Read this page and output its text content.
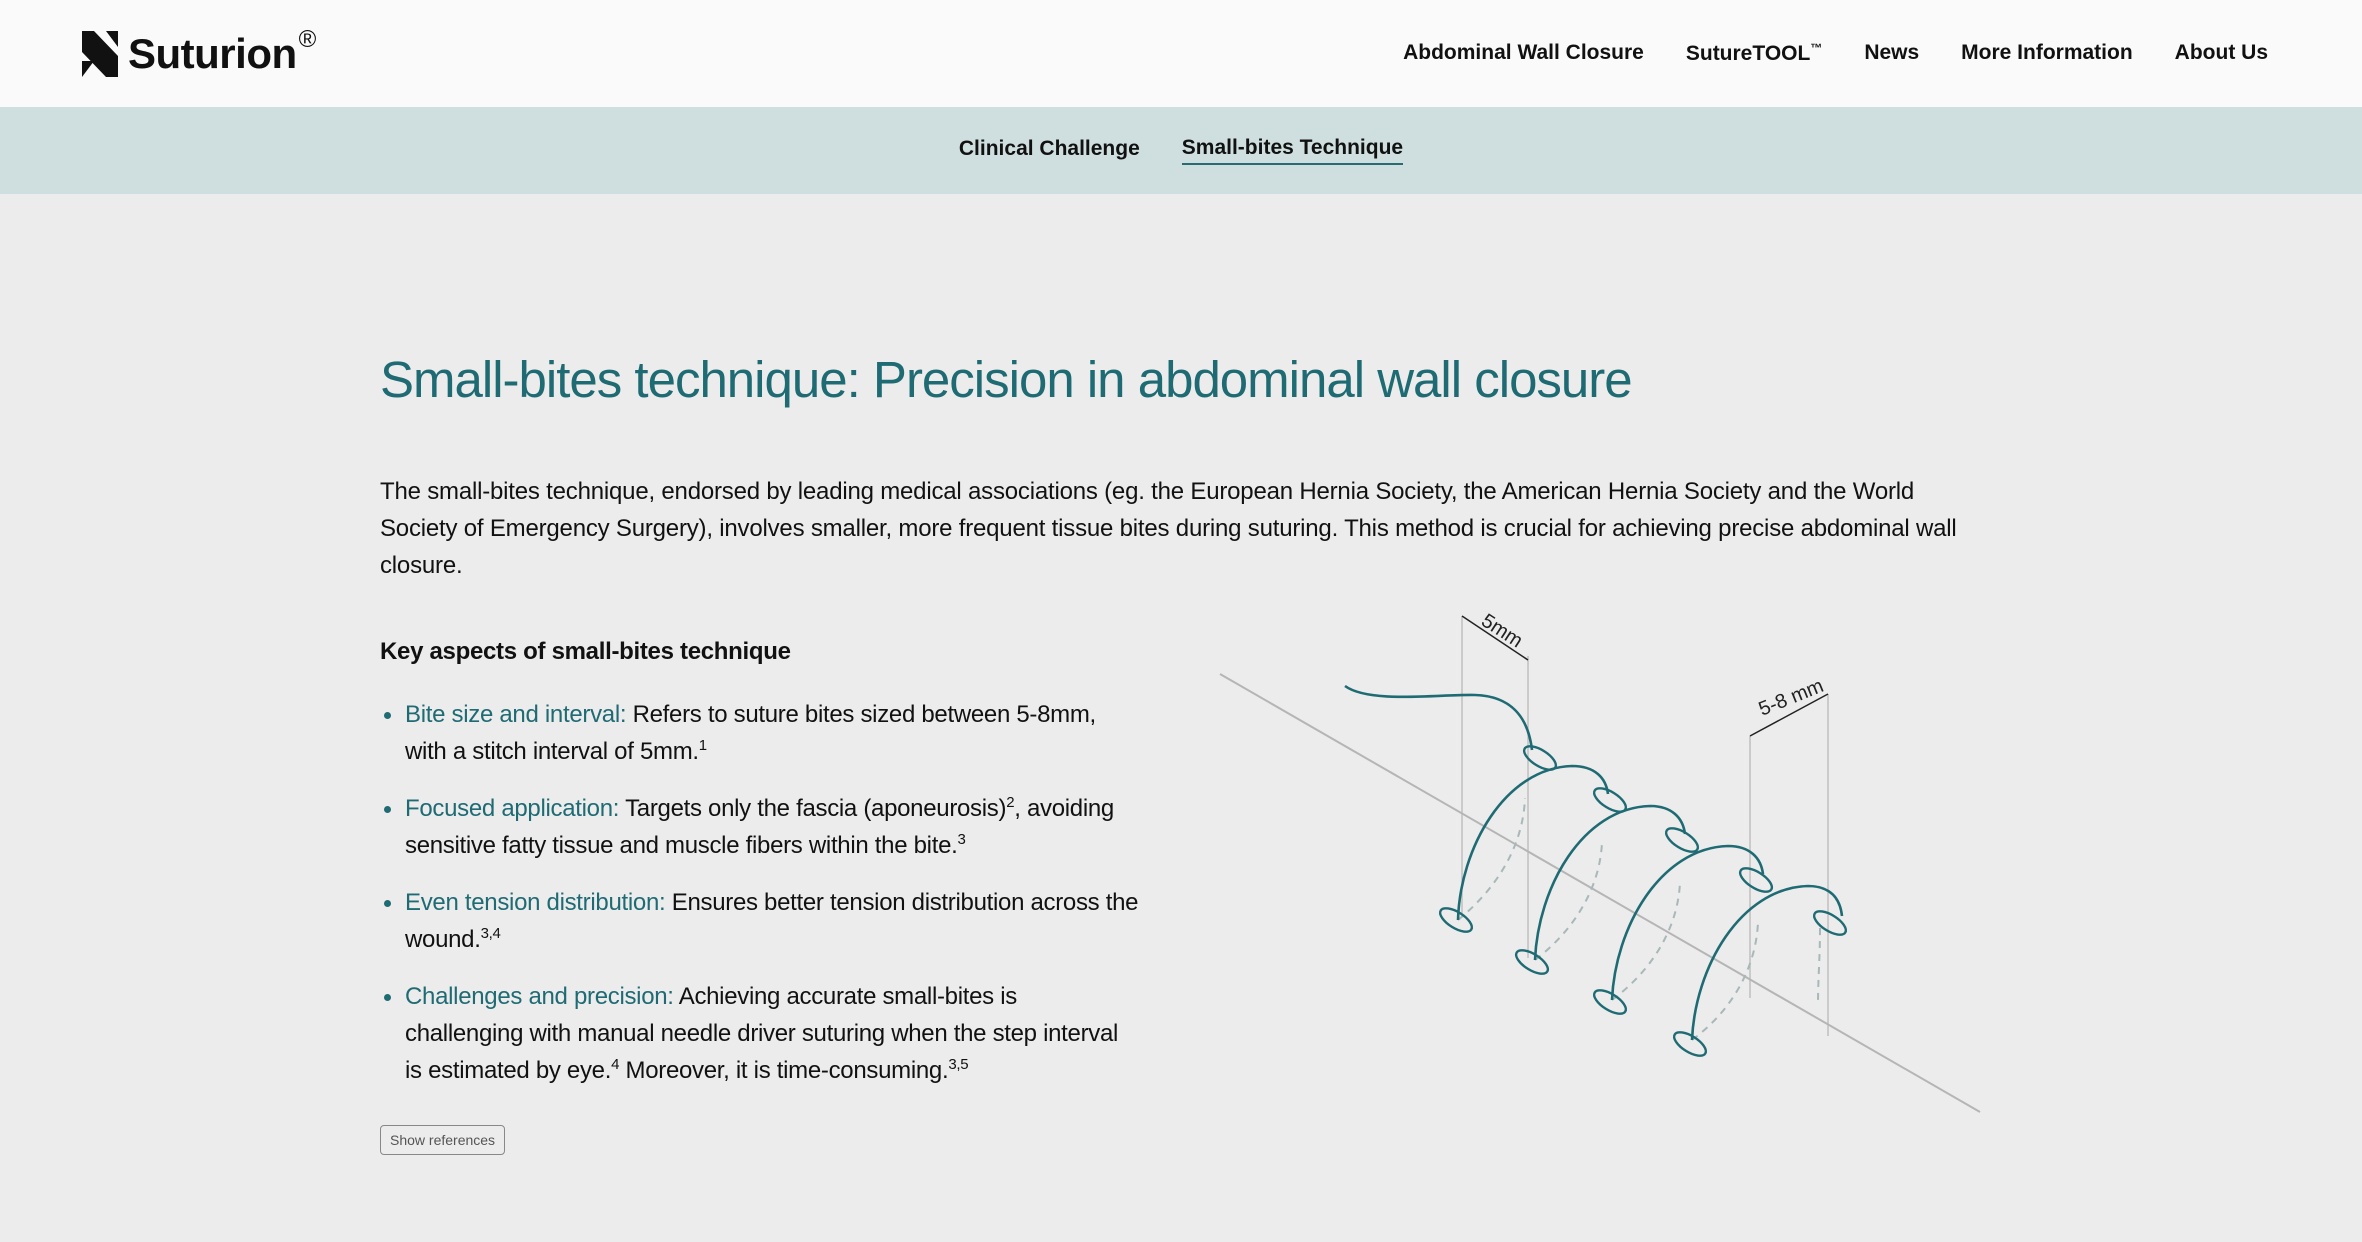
Suturion ®	Abdominal Wall Closure SutureTOOL™ News More Information About Us
Clinical Challenge Small-bites Technique
Small-bites technique: Precision in abdominal wall closure

The small-bites technique, endorsed by leading medical associations (eg. the European Hernia Society, the American Hernia Society and the World Society of Emergency Surgery), involves smaller, more frequent tissue bites during suturing. This method is crucial for achieving precise abdominal wall closure.

Key aspects of small-bites technique
Bite size and interval: Refers to suture bites sized between 5-8mm, with a stitch interval of 5mm.$^1$
Focused application: Targets only the fascia (aponeurosis)$^2$, avoiding sensitive fatty tissue and muscle fibers within the bite.$^3$
Even tension distribution: Ensures better tension distribution across the wound.$^{3,4}$
Challenges and precision: Achieving accurate small-bites is challenging with manual needle driver suturing when the step interval is estimated by eye.$^4$ Moreover, it is time-consuming.$^{3,5}$
Show references
5mm
5-8 mm
